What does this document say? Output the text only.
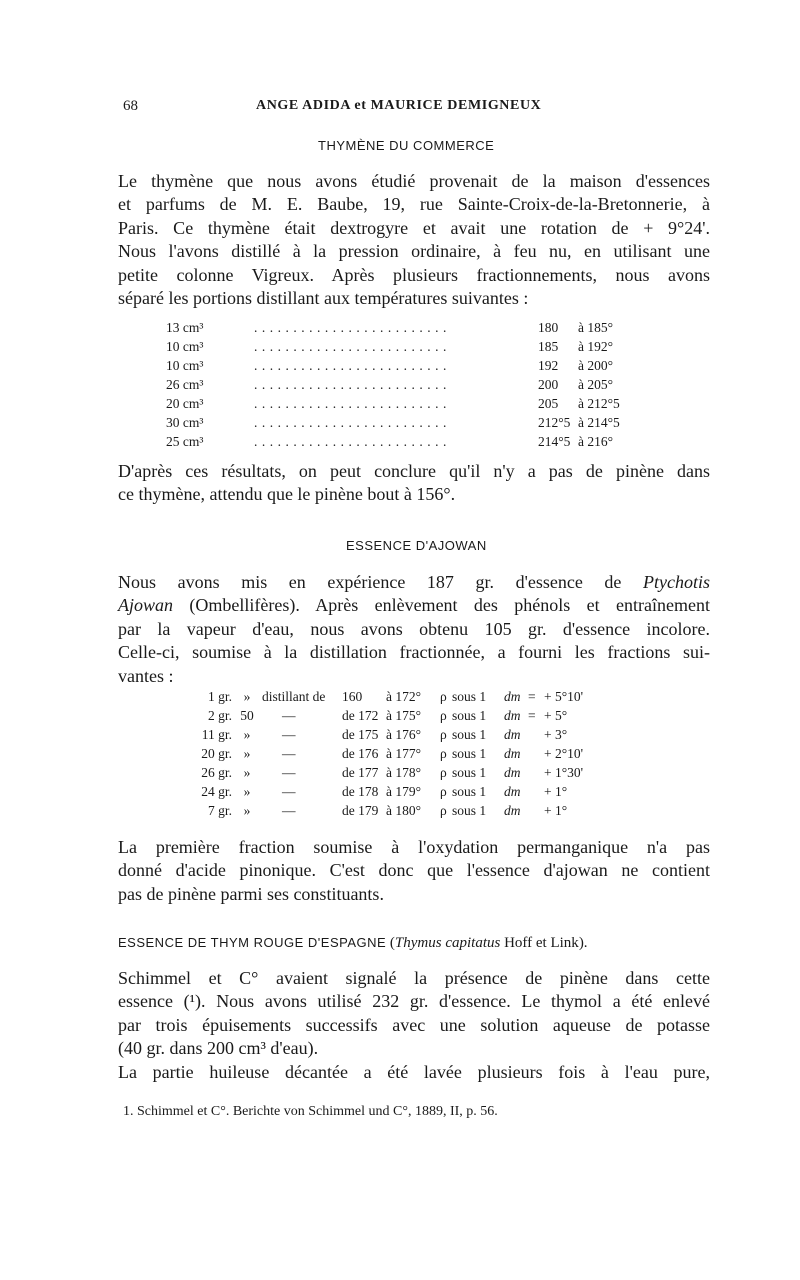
68	ANGE ADIDA et MAURICE DEMIGNEUX
THYMÈNE DU COMMERCE
Le thymène que nous avons étudié provenait de la maison d'essences
et parfums de M. E. Baube, 19, rue Sainte-Croix-de-la-Bretonnerie, à
Paris. Ce thymène était dextrogyre et avait une rotation de + 9°24'.
Nous l'avons distillé à la pression ordinaire, à feu nu, en utilisant une
petite colonne Vigreux. Après plusieurs fractionnements, nous avons
séparé les portions distillant aux températures suivantes :
13 cm³	.........................	180	à 185°
10 cm³	.........................	185	à 192°
10 cm³	.........................	192	à 200°
26 cm³	.........................	200	à 205°
20 cm³	.........................	205	à 212°5
30 cm³	.........................	212°5	à 214°5
25 cm³	.........................	214°5	à 216°
D'après ces résultats, on peut conclure qu'il n'y a pas de pinène dans
ce thymène, attendu que le pinène bout à 156°.
ESSENCE D'AJOWAN
Nous avons mis en expérience 187 gr. d'essence de Ptychotis
Ajowan (Ombellifères). Après enlèvement des phénols et entraînement
par la vapeur d'eau, nous avons obtenu 105 gr. d'essence incolore.
Celle-ci, soumise à la distillation fractionnée, a fourni les fractions sui-
vantes :
1 gr.	»	distillant de	160	à 172°	ρ	sous 1	dm	=	+ 5°10'
2 gr.	50	—	de 172	à 175°	ρ	sous 1	dm	=	+ 5°
11 gr.	»	—	de 175	à 176°	ρ	sous 1	dm		+ 3°
20 gr.	»	—	de 176	à 177°	ρ	sous 1	dm		+ 2°10'
26 gr.	»	—	de 177	à 178°	ρ	sous 1	dm		+ 1°30'
24 gr.	»	—	de 178	à 179°	ρ	sous 1	dm		+ 1°
7 gr.	»	—	de 179	à 180°	ρ	sous 1	dm		+ 1°
La première fraction soumise à l'oxydation permanganique n'a pas
donné d'acide pinonique. C'est donc que l'essence d'ajowan ne contient
pas de pinène parmi ses constituants.
ESSENCE DE THYM ROUGE D'ESPAGNE (Thymus capitatus Hoff et Link).
Schimmel et C° avaient signalé la présence de pinène dans cette
essence (¹). Nous avons utilisé 232 gr. d'essence. Le thymol a été enlevé
par trois épuisements successifs avec une solution aqueuse de potasse
(40 gr. dans 200 cm³ d'eau).
La partie huileuse décantée a été lavée plusieurs fois à l'eau pure,
1. Schimmel et C°. Berichte von Schimmel und C°, 1889, II, p. 56.
